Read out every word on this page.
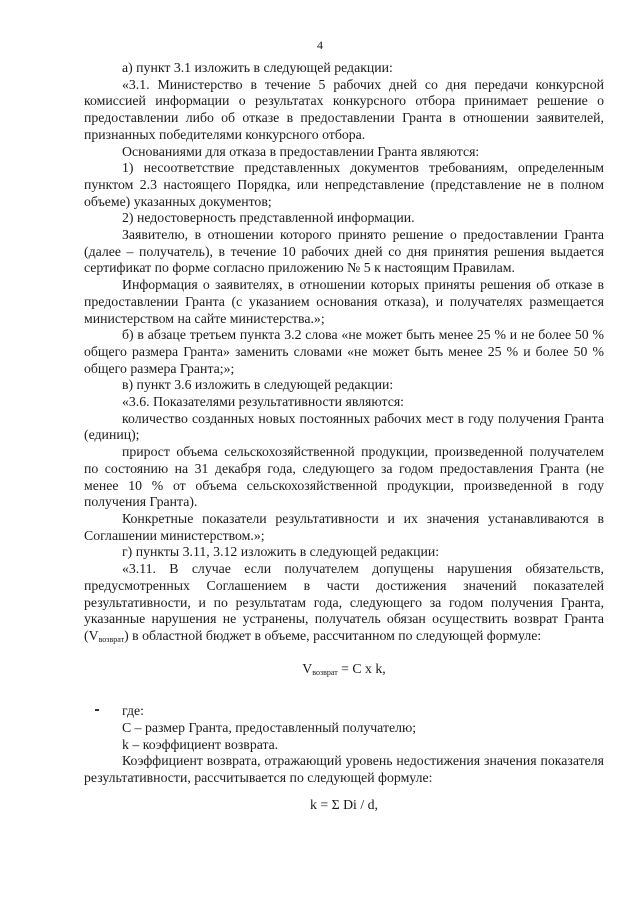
4

а) пункт 3.1 изложить в следующей редакции:

«3.1. Министерство в течение 5 рабочих дней со дня передачи конкурсной комиссией информации о результатах конкурсного отбора принимает решение о предоставлении либо об отказе в предоставлении Гранта в отношении заявителей, признанных победителями конкурсного отбора.

Основаниями для отказа в предоставлении Гранта являются:

1) несоответствие представленных документов требованиям, определенным пунктом 2.3 настоящего Порядка, или непредставление (представление не в полном объеме) указанных документов;

2) недостоверность представленной информации.

Заявителю, в отношении которого принято решение о предоставлении Гранта (далее – получатель), в течение 10 рабочих дней со дня принятия решения выдается сертификат по форме согласно приложению № 5 к настоящим Правилам.

Информация о заявителях, в отношении которых приняты решения об отказе в предоставлении Гранта (с указанием основания отказа), и получателях размещается министерством на сайте министерства.»;

б) в абзаце третьем пункта 3.2 слова «не может быть менее 25 % и не более 50 % общего размера Гранта» заменить словами «не может быть менее 25 % и более 50 % общего размера Гранта;»;

в) пункт 3.6 изложить в следующей редакции:

«3.6. Показателями результативности являются:

количество созданных новых постоянных рабочих мест в году получения Гранта (единиц);

прирост объема сельскохозяйственной продукции, произведенной получателем по состоянию на 31 декабря года, следующего за годом предоставления Гранта (не менее 10 % от объема сельскохозяйственной продукции, произведенной в году получения Гранта).

Конкретные показатели результативности и их значения устанавливаются в Соглашении министерством.»;

г) пункты 3.11, 3.12 изложить в следующей редакции:

«3.11. В случае если получателем допущены нарушения обязательств, предусмотренных Соглашением в части достижения значений показателей результативности, и по результатам года, следующего за годом получения Гранта, указанные нарушения не устранены, получатель обязан осуществить возврат Гранта $(V_{возврат})$ в областной бюджет в объеме, рассчитанном по следующей формуле:

$V_{возврат} = C$ x k,

где:

C – размер Гранта, предоставленный получателю;

k – коэффициент возврата.

Коэффициент возврата, отражающий уровень недостижения значения показателя результативности, рассчитывается по следующей формуле:

k = Σ Di / d,
